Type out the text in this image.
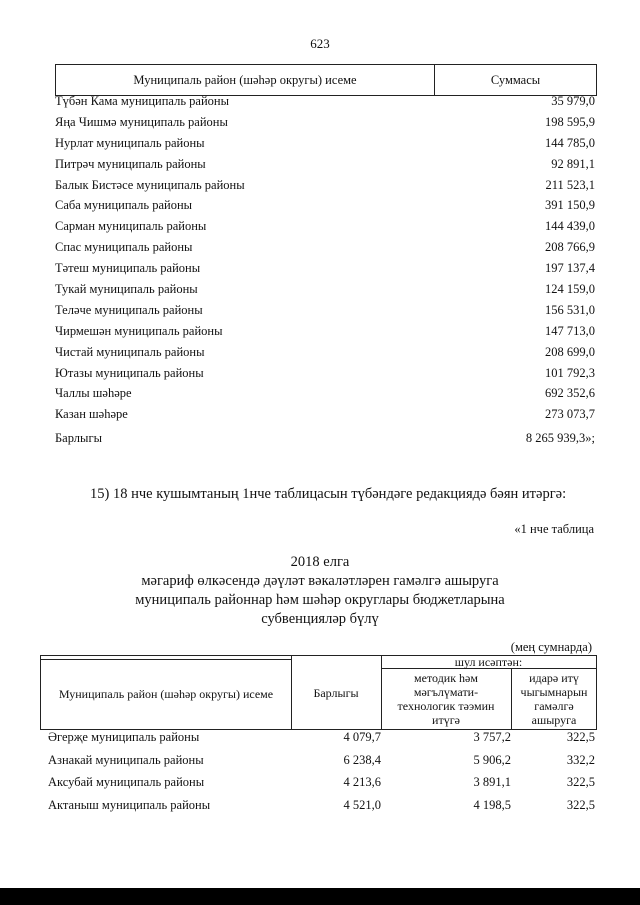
623
Муниципаль район (шәһәр округы) исеме	Суммасы
Түбән Кама муниципаль районы	35 979,0
Яңа Чишмә муниципаль районы	198 595,9
Нурлат муниципаль районы	144 785,0
Питрәч муниципаль районы	92 891,1
Балык Бистәсе муниципаль районы	211 523,1
Саба муниципаль районы	391 150,9
Сарман муниципаль районы	144 439,0
Спас муниципаль районы	208 766,9
Тәтеш муниципаль районы	197 137,4
Тукай муниципаль районы	124 159,0
Теләче муниципаль районы	156 531,0
Чирмешән муниципаль районы	147 713,0
Чистай муниципаль районы	208 699,0
Ютазы муниципаль районы	101 792,3
Чаллы шәһәре	692 352,6
Казан шәһәре	273 073,7
Барлыгы	8 265 939,3»;
15) 18 нче кушымтаның 1нче таблицасын түбәндәге редакциядә бәян итәргә:
«1 нче таблица
2018 елга
мәгариф өлкәсендә дәүләт вәкаләтләрен гамәлгә ашыруга
муниципаль районнар һәм шәһәр округлары бюджетларына
субвенцияләр бүлү
(мең сумнарда)
Муниципаль район (шәһәр округы) исеме	Барлыгы
шул исәптән:
методик һәм мәгълүмати-технологик тәэмин итүгә
идарә итү чыгымнарын гамәлгә ашыруга
Әгерҗе муниципаль районы	4 079,7	3 757,2	322,5
Азнакай муниципаль районы	6 238,4	5 906,2	332,2
Аксубай муниципаль районы	4 213,6	3 891,1	322,5
Актаныш муниципаль районы	4 521,0	4 198,5	322,5
